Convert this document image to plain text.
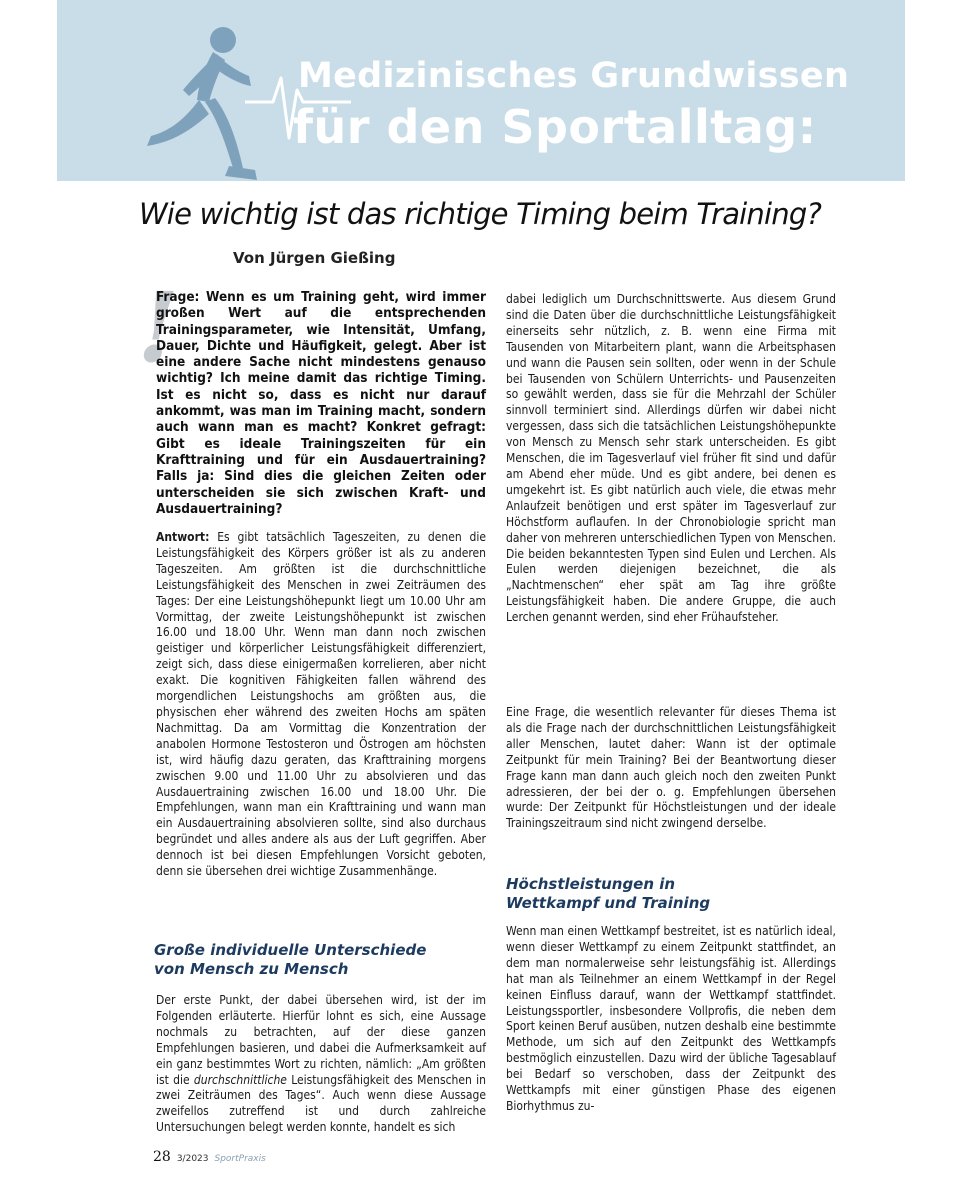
Medizinisches Grundwissen
für den Sportalltag:
Wie wichtig ist das richtige Timing beim Training?
Von Jürgen Gießing
!
Frage: Wenn es um Training geht, wird immer großen Wert auf die entsprechenden Trainingsparameter, wie Intensität, Umfang, Dauer, Dichte und Häufigkeit, gelegt. Aber ist eine andere Sache nicht mindestens genauso wichtig? Ich meine damit das richtige Timing. Ist es nicht so, dass es nicht nur darauf ankommt, was man im Training macht, sondern auch wann man es macht? Konkret gefragt: Gibt es ideale Trainingszeiten für ein Krafttraining und für ein Ausdauertraining? Falls ja: Sind dies die gleichen Zeiten oder unterscheiden sie sich zwischen Kraft- und Ausdauertraining?

Antwort: Es gibt tatsächlich Tageszeiten, zu denen die Leistungsfähigkeit des Körpers größer ist als zu anderen Tageszeiten. Am größten ist die durchschnittliche Leistungsfähigkeit des Menschen in zwei Zeiträumen des Tages: Der eine Leistungshöhepunkt liegt um 10.00 Uhr am Vormittag, der zweite Leistungshöhepunkt ist zwischen 16.00 und 18.00 Uhr. Wenn man dann noch zwischen geistiger und körperlicher Leistungsfähigkeit differenziert, zeigt sich, dass diese einigermaßen korrelieren, aber nicht exakt. Die kognitiven Fähigkeiten fallen während des morgendlichen Leistungshochs am größten aus, die physischen eher während des zweiten Hochs am späten Nachmittag. Da am Vormittag die Konzentration der anabolen Hormone Testosteron und Östrogen am höchsten ist, wird häufig dazu geraten, das Krafttraining morgens zwischen 9.00 und 11.00 Uhr zu absolvieren und das Ausdauertraining zwischen 16.00 und 18.00 Uhr. Die Empfehlungen, wann man ein Krafttraining und wann man ein Ausdauertraining absolvieren sollte, sind also durchaus begründet und alles andere als aus der Luft gegriffen. Aber dennoch ist bei diesen Empfehlungen Vorsicht geboten, denn sie übersehen drei wichtige Zusammenhänge.

Große individuelle Unterschiede
von Mensch zu Mensch

Der erste Punkt, der dabei übersehen wird, ist der im Folgenden erläuterte. Hierfür lohnt es sich, eine Aussage nochmals zu betrachten, auf der diese ganzen Empfehlungen basieren, und dabei die Aufmerksamkeit auf ein ganz bestimmtes Wort zu richten, nämlich: „Am größten ist die durchschnittliche Leistungsfähigkeit des Menschen in zwei Zeiträumen des Tages“. Auch wenn diese Aussage zweifellos zutreffend ist und durch zahlreiche Untersuchungen belegt werden konnte, handelt es sich

dabei lediglich um Durchschnittswerte. Aus diesem Grund sind die Daten über die durchschnittliche Leistungsfähigkeit einerseits sehr nützlich, z. B. wenn eine Firma mit Tausenden von Mitarbeitern plant, wann die Arbeitsphasen und wann die Pausen sein sollten, oder wenn in der Schule bei Tausenden von Schülern Unterrichts- und Pausenzeiten so gewählt werden, dass sie für die Mehrzahl der Schüler sinnvoll terminiert sind. Allerdings dürfen wir dabei nicht vergessen, dass sich die tatsächlichen Leistungshöhepunkte von Mensch zu Mensch sehr stark unterscheiden. Es gibt Menschen, die im Tagesverlauf viel früher fit sind und dafür am Abend eher müde. Und es gibt andere, bei denen es umgekehrt ist. Es gibt natürlich auch viele, die etwas mehr Anlaufzeit benötigen und erst später im Tagesverlauf zur Höchstform auflaufen. In der Chronobiologie spricht man daher von mehreren unterschiedlichen Typen von Menschen. Die beiden bekanntesten Typen sind Eulen und Lerchen. Als Eulen werden diejenigen bezeichnet, die als „Nachtmenschen“ eher spät am Tag ihre größte Leistungsfähigkeit haben. Die andere Gruppe, die auch Lerchen genannt werden, sind eher Frühaufsteher.

Eine Frage, die wesentlich relevanter für dieses Thema ist als die Frage nach der durchschnittlichen Leistungsfähigkeit aller Menschen, lautet daher: Wann ist der optimale Zeitpunkt für mein Training? Bei der Beantwortung dieser Frage kann man dann auch gleich noch den zweiten Punkt adressieren, der bei der o. g. Empfehlungen übersehen wurde: Der Zeitpunkt für Höchstleistungen und der ideale Trainingszeitraum sind nicht zwingend derselbe.

Höchstleistungen in
Wettkampf und Training

Wenn man einen Wettkampf bestreitet, ist es natürlich ideal, wenn dieser Wettkampf zu einem Zeitpunkt stattfindet, an dem man normalerweise sehr leistungsfähig ist. Allerdings hat man als Teilnehmer an einem Wettkampf in der Regel keinen Einfluss darauf, wann der Wettkampf stattfindet. Leistungssportler, insbesondere Vollprofis, die neben dem Sport keinen Beruf ausüben, nutzen deshalb eine bestimmte Methode, um sich auf den Zeitpunkt des Wettkampfs bestmöglich einzustellen. Dazu wird der übliche Tagesablauf bei Bedarf so verschoben, dass der Zeitpunkt des Wettkampfs mit einer günstigen Phase des eigenen Biorhythmus zu-

28 3/2023 SportPraxis
